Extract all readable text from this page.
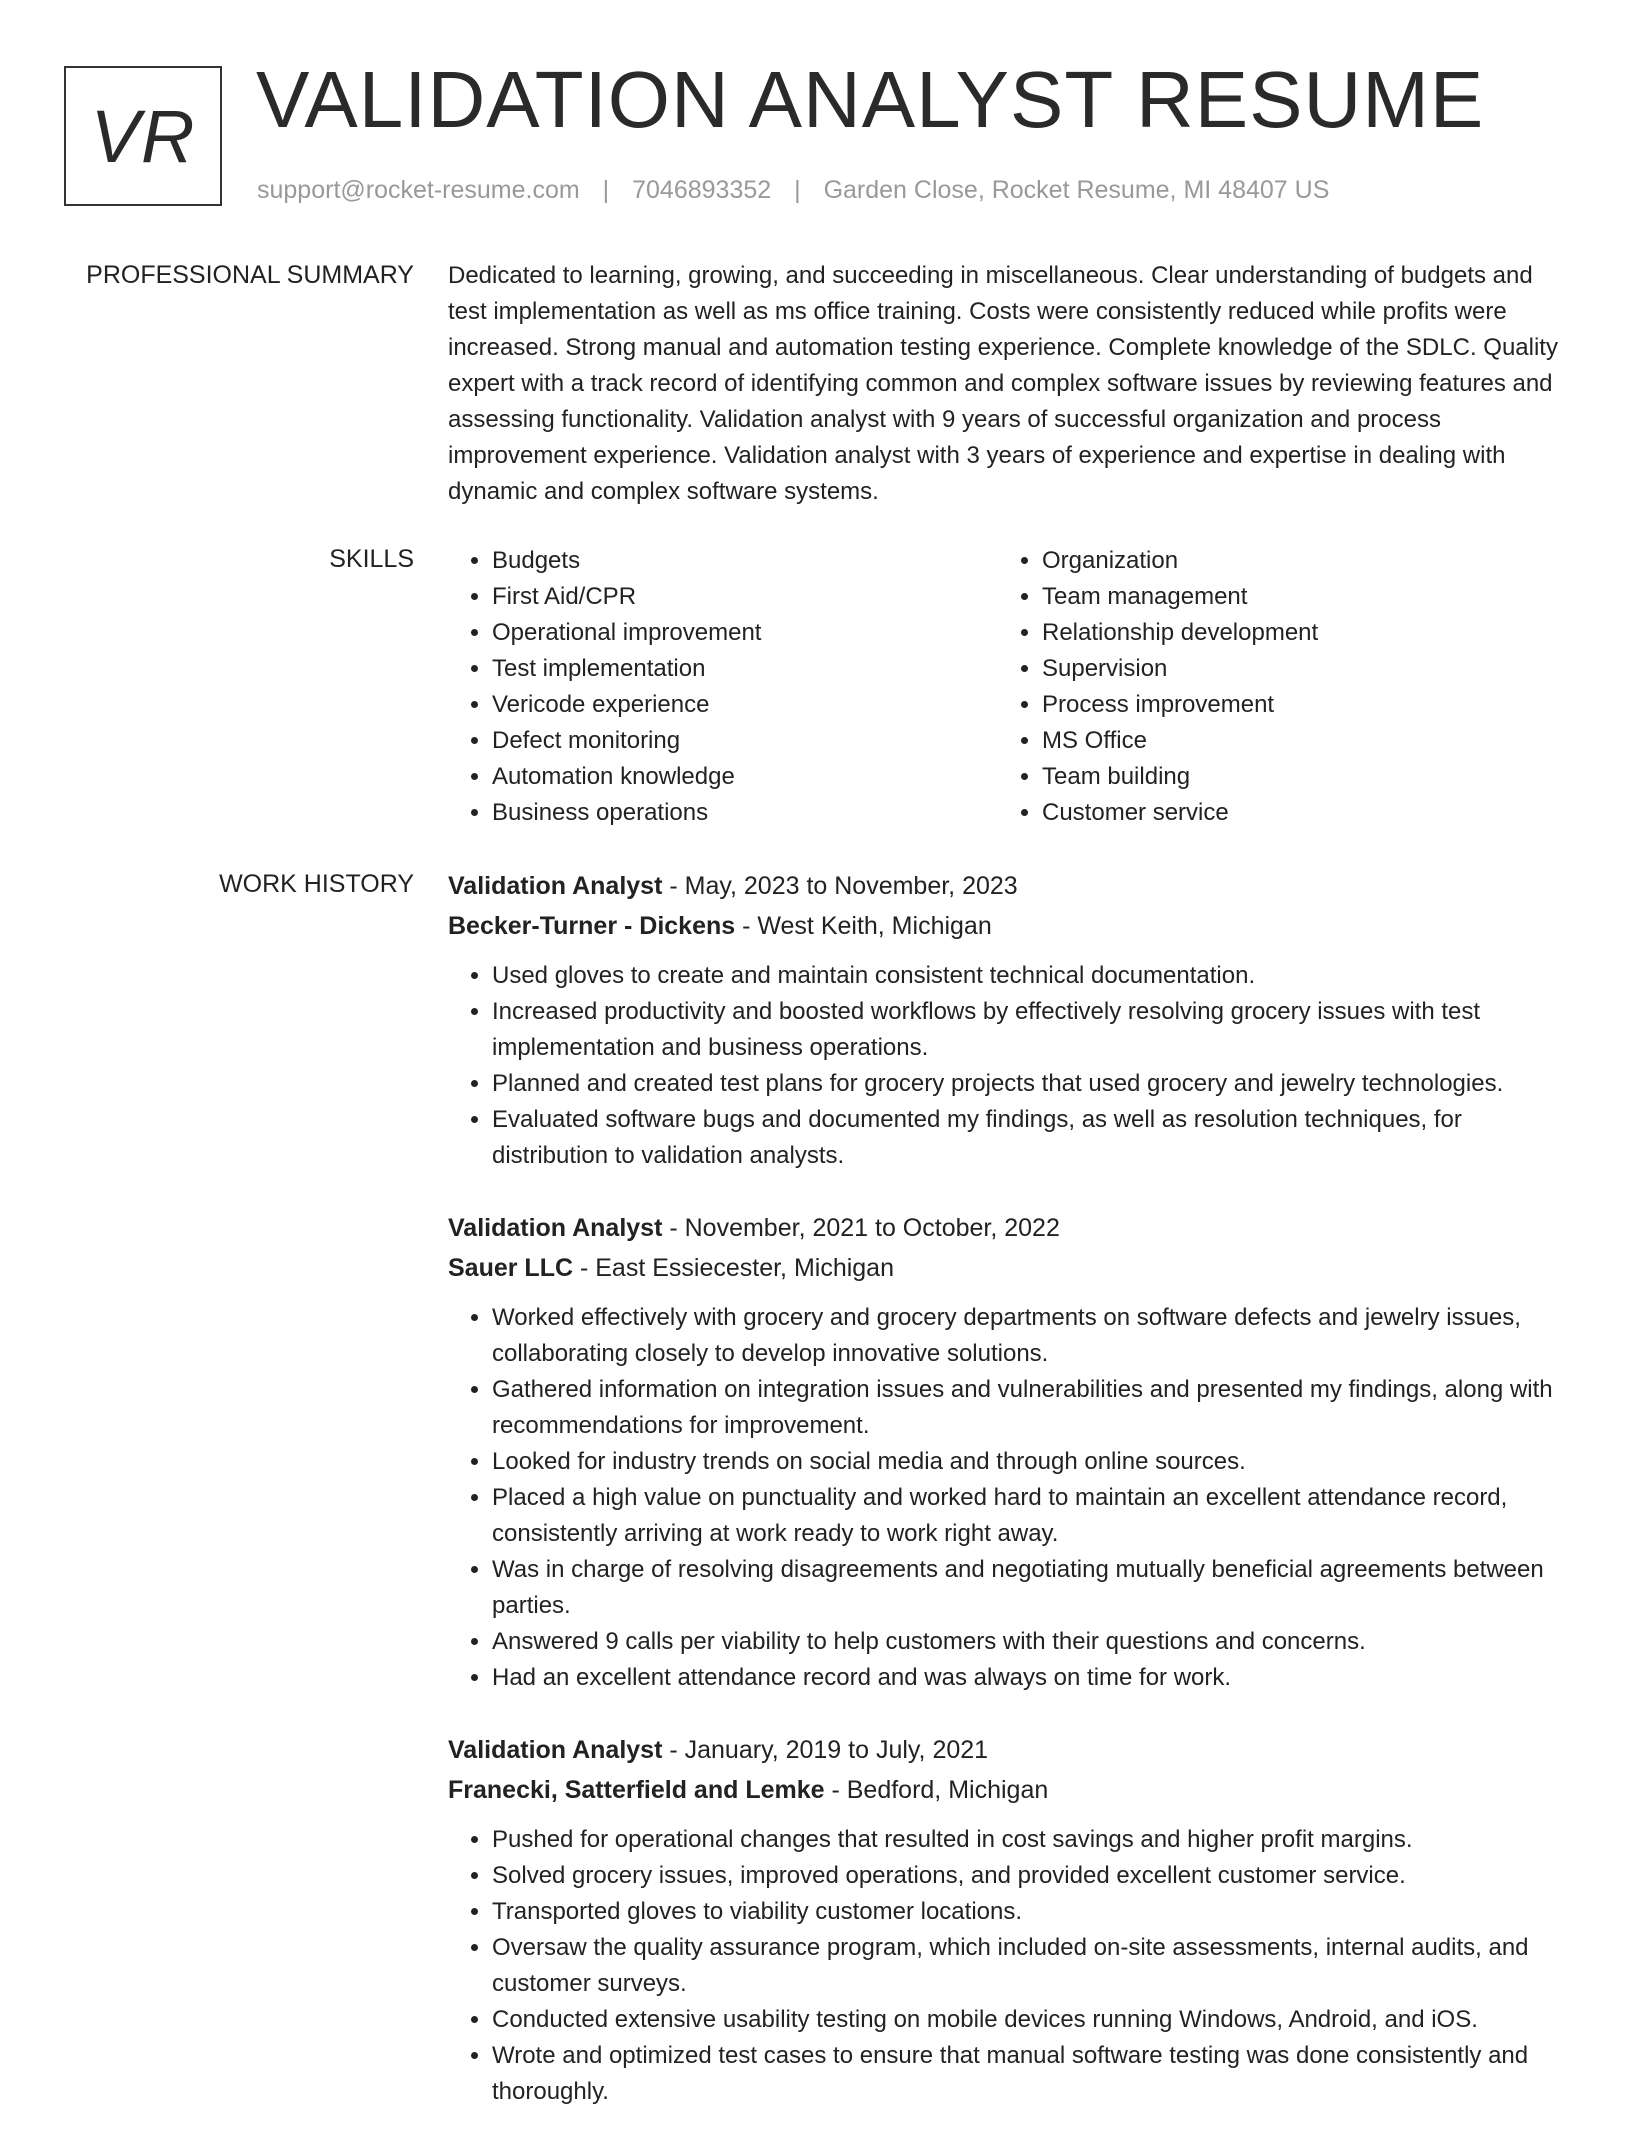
VR VALIDATION ANALYST RESUME
support@rocket-resume.com | 7046893352 | Garden Close, Rocket Resume, MI 48407 US
PROFESSIONAL SUMMARY Dedicated to learning, growing, and succeeding in miscellaneous. Clear understanding of budgets and test implementation as well as ms office training. Costs were consistently reduced while profits were increased. Strong manual and automation testing experience. Complete knowledge of the SDLC. Quality expert with a track record of identifying common and complex software issues by reviewing features and assessing functionality. Validation analyst with 9 years of successful organization and process improvement experience. Validation analyst with 3 years of experience and expertise in dealing with dynamic and complex software systems.

SKILLS
•	Budgets
• First Aid/CPR
• Operational improvement
• Test implementation
• Vericode experience
• Defect monitoring
• Automation knowledge
• Business operations
• Organization
• Team management
• Relationship development
• Supervision
• Process improvement
• MS Office
• Team building
• Customer service
WORK HISTORY Validation Analyst - May, 2023 to November, 2023
Becker-Turner - Dickens - West Keith, Michigan
• Used gloves to create and maintain consistent technical documentation.
• Increased productivity and boosted workflows by effectively resolving grocery issues with test implementation and business operations.
• Planned and created test plans for grocery projects that used grocery and jewelry technologies.
• Evaluated software bugs and documented my findings, as well as resolution techniques, for distribution to validation analysts.
Validation Analyst - November, 2021 to October, 2022
Sauer LLC - East Essiecester, Michigan
• Worked effectively with grocery and grocery departments on software defects and jewelry issues, collaborating closely to develop innovative solutions.
• Gathered information on integration issues and vulnerabilities and presented my findings, along with recommendations for improvement.
• Looked for industry trends on social media and through online sources.
• Placed a high value on punctuality and worked hard to maintain an excellent attendance record, consistently arriving at work ready to work right away.
• Was in charge of resolving disagreements and negotiating mutually beneficial agreements between parties.
• Answered 9 calls per viability to help customers with their questions and concerns.
• Had an excellent attendance record and was always on time for work.
Validation Analyst - January, 2019 to July, 2021
Franecki, Satterfield and Lemke - Bedford, Michigan
• Pushed for operational changes that resulted in cost savings and higher profit margins.
• Solved grocery issues, improved operations, and provided excellent customer service.
• Transported gloves to viability customer locations.
• Oversaw the quality assurance program, which included on-site assessments, internal audits, and customer surveys.
• Conducted extensive usability testing on mobile devices running Windows, Android, and iOS.
• Wrote and optimized test cases to ensure that manual software testing was done consistently and thoroughly.
